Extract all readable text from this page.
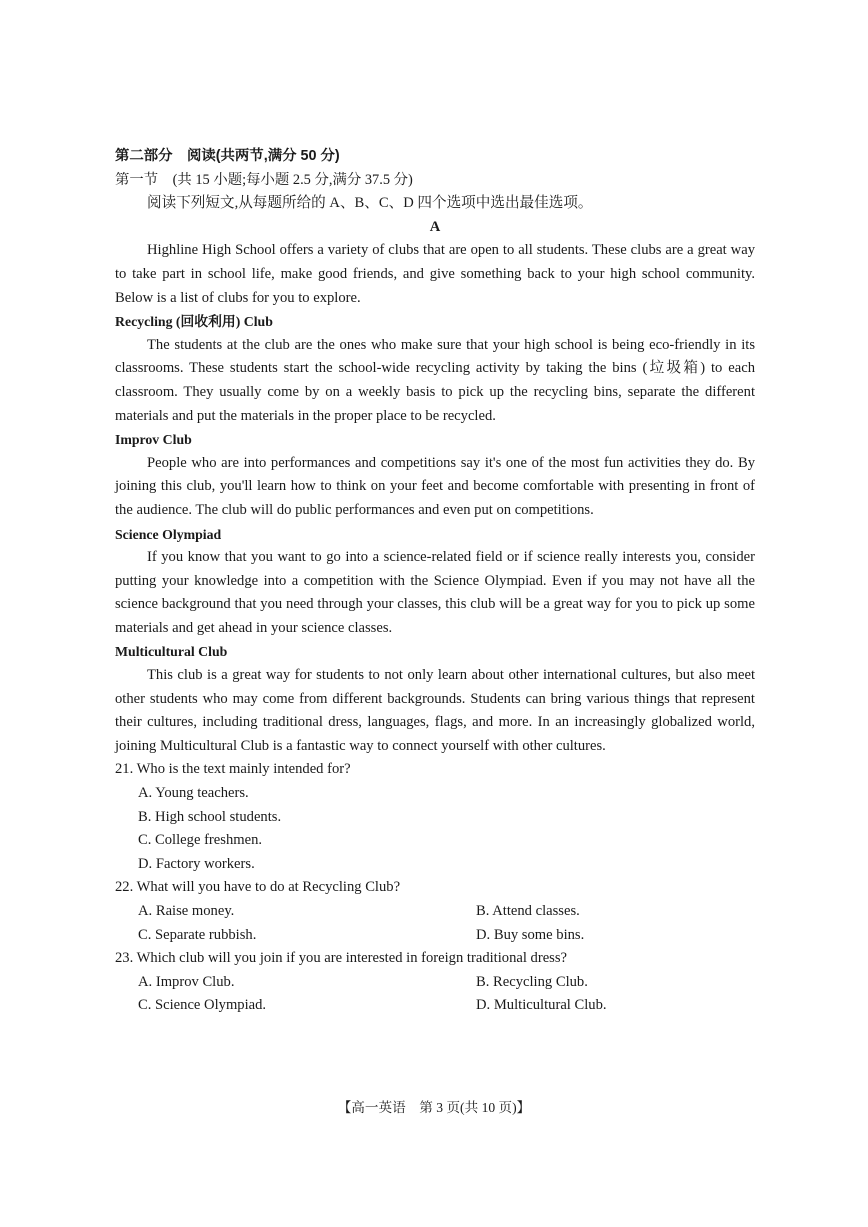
第二部分　阅读(共两节,满分 50 分)
第一节　(共 15 小题;每小题 2.5 分,满分 37.5 分)
阅读下列短文,从每题所给的 A、B、C、D 四个选项中选出最佳选项。
A

Highline High School offers a variety of clubs that are open to all students. These clubs are a great way to take part in school life, make good friends, and give something back to your high school community. Below is a list of clubs for you to explore.

Recycling (回收利用) Club

The students at the club are the ones who make sure that your high school is being eco-friendly in its classrooms. These students start the school-wide recycling activity by taking the bins (垃圾箱) to each classroom. They usually come by on a weekly basis to pick up the recycling bins, separate the different materials and put the materials in the proper place to be recycled.

Improv Club

People who are into performances and competitions say it's one of the most fun activities they do. By joining this club, you'll learn how to think on your feet and become comfortable with presenting in front of the audience. The club will do public performances and even put on competitions.

Science Olympiad

If you know that you want to go into a science-related field or if science really interests you, consider putting your knowledge into a competition with the Science Olympiad. Even if you may not have all the science background that you need through your classes, this club will be a great way for you to pick up some materials and get ahead in your science classes.

Multicultural Club

This club is a great way for students to not only learn about other international cultures, but also meet other students who may come from different backgrounds. Students can bring various things that represent their cultures, including traditional dress, languages, flags, and more. In an increasingly globalized world, joining Multicultural Club is a fantastic way to connect yourself with other cultures.

21. Who is the text mainly intended for?
A. Young teachers.
B. High school students.
C. College freshmen.
D. Factory workers.
22. What will you have to do at Recycling Club?
A. Raise money.	B. Attend classes.
C. Separate rubbish.	D. Buy some bins.
23. Which club will you join if you are interested in foreign traditional dress?
A. Improv Club.	B. Recycling Club.
C. Science Olympiad.	D. Multicultural Club.
【高一英语　第 3 页(共 10 页)】
